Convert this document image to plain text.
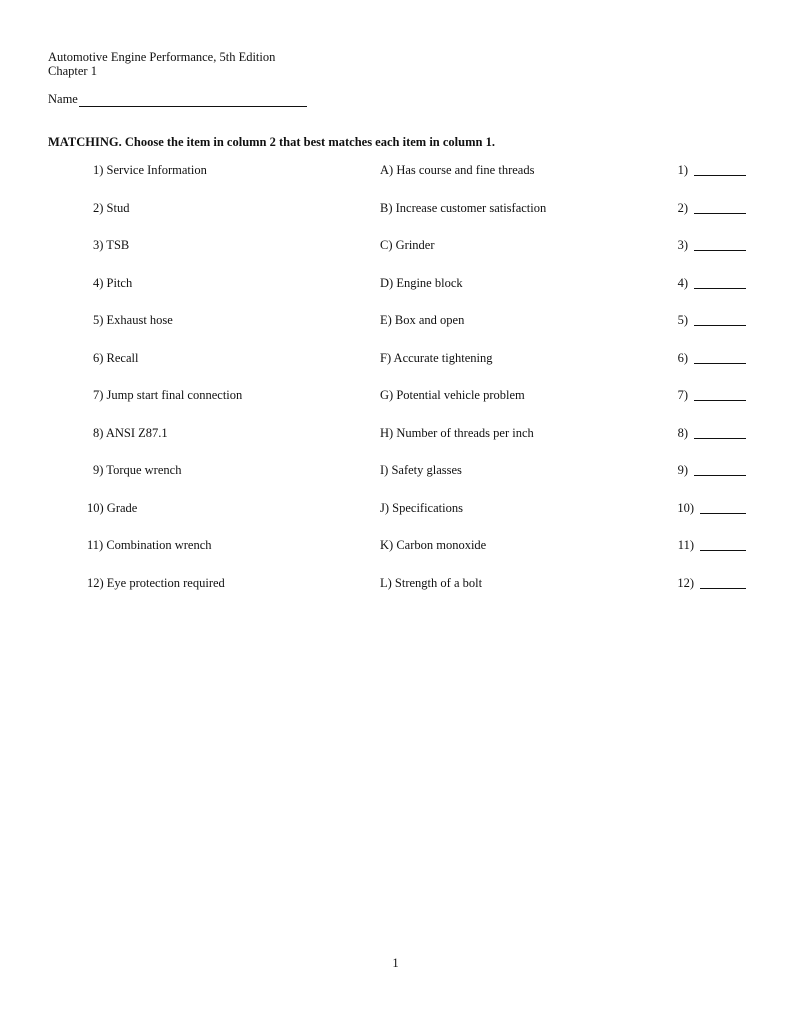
Automotive Engine Performance, 5th Edition
Chapter 1
Name
MATCHING. Choose the item in column 2 that best matches each item in column 1.
1) Service Information	A) Has course and fine threads	1)
2) Stud	B) Increase customer satisfaction	2)
3) TSB	C) Grinder	3)
4) Pitch	D) Engine block	4)
5) Exhaust hose	E) Box and open	5)
6) Recall	F) Accurate tightening	6)
7) Jump start final connection	G) Potential vehicle problem	7)
8) ANSI Z87.1	H) Number of threads per inch	8)
9) Torque wrench	I) Safety glasses	9)
10) Grade	J) Specifications	10)
11) Combination wrench	K) Carbon monoxide	11)
12) Eye protection required	L) Strength of a bolt	12)
1
